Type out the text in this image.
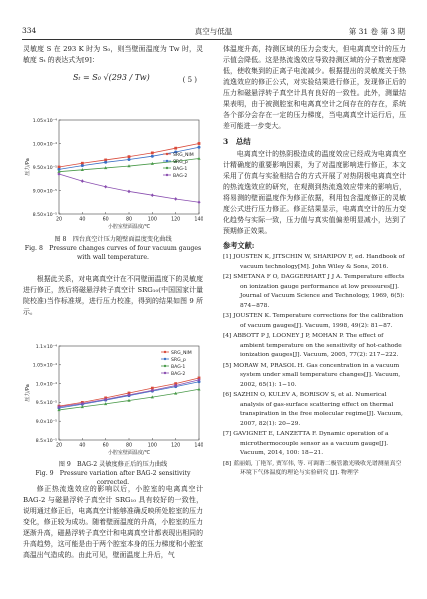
334	真空与低温	第 31 卷 第 3 期

灵敏度 S 在 293 K 时为 S₀，则当壁面温度为 Tw 时，灵敏度 Sₜ 的表达式为[9]：

Sₜ = S₀ √(293 / Tw)	( 5 )
8.50×10⁻⁵
9.00×10⁻⁵
9.50×10⁻⁵
1.00×10⁻⁴
1.05×10⁻⁴
20	40	60	80	100	120	140
小腔室壁面温度/℃
压力/Pa
SRG_NIM
SRG_p
BAG-1
BAG-2
图 8　四台真空计压力随壁面温度变化曲线
Fig. 8　Pressure changes curves of four vacuum gauges with wall temperature.

根据此关系，对电离真空计在不同壁面温度下的灵敏度进行修正，然后将磁悬浮转子真空计 SRG₁₀(中国国家计量院校准)当作标准规，进行压力校准，得到的结果如图 9 所示。

8.5×10⁻⁵
9.0×10⁻⁵
9.5×10⁻⁵
1.0×10⁻⁴
1.05×10⁻⁴
1.1×10⁻⁴
20	40	60	80	100	120	140
小腔室壁面温度/℃
压力/Pa
SRG_NIM
SRG_p
BAG-1
BAG-2
图 9　BAG-2 灵敏度修正后的压力曲线
Fig. 9　Pressure variation after BAG-2 sensitivity corrected.

修正热流逸效应的影响以后，小腔室的电离真空计 BAG-2 与磁悬浮转子真空计 SRG₁₀ 具有较好的一致性，说明通过修正后，电离真空计能够准确反映所处腔室的压力变化，修正较为成功。随着壁面温度的升高，小腔室的压力逐渐升高，磁悬浮转子真空计和电离真空计都表现出相同的升高趋势，这可能是由于两个腔室本身的压力梯度和小腔室高温出气造成的。由此可见，壁面温度上升后，气

体温度升高，持测区域的压力会变大，但电离真空计的压力示值会降低。这是热流逸效应导致持测区域的分子数密度降低，使收集到的正离子电流减少。根据提出的灵敏度关于热流逸效应的修正公式，对实验结果进行修正，发现修正后的压力和磁悬浮转子真空计具有良好的一致性。此外，测量结果表明，由于被测腔室和电离真空计之间存在的存在，系统各个部分会存在一定的压力梯度，当电离真空计运行后，压差可能进一步变大。

3　总结

电离真空计的热阴极造成的温度效应已经成为电离真空计精确度的重要影响因素，为了对温度影响进行修正，本文采用了仿真与实验相结合的方式开展了对热阴极电离真空计的热流逸效应的研究，在观测到热流逸效应带来的影响后，将易测的壁面温度作为修正依据，利用包含温度修正的灵敏度公式进行压力修正。修正结果显示，电离真空计的压力变化趋势与实际一致，压力值与真实值偏差明显减小，达到了预期修正效果。

参考文献:

[1] JOUSTEN K, JITSCHIN W, SHARIPOV F, ed. Handbook of vacuum technology[M]. John Wiley & Sons, 2016.

[2] SMETANA F O, DAGGERHART J J A. Temperature effects on ionization gauge performance at low pressures[J]. Journal of Vacuum Science and Technology, 1969, 6(5): 874−878.

[3] JOUSTEN K. Temperature corrections for the calibration of vacuum gauges[J]. Vacuum, 1998, 49(2): 81−87.

[4] ABBOTT P J, LOONEY J P, MOHAN P. The effect of ambient temperature on the sensitivity of hot-cathode ionization gauges[J]. Vacuum, 2005, 77(2): 217−222.

[5] MORAW M, PRASOL H. Gas concentration in a vacuum system under small temperature changes[J]. Vacuum, 2002, 65(1): 1−10.

[6] SAZHIN O, KULEV A, BORISOV S, et al. Numerical analysis of gas-surface scattering effect on thermal transpiration in the free molecular regime[J]. Vacuum, 2007, 82(1): 20−29.

[7] GAVIGNET E, LANZETTA F. Dynamic operation of a microthermocouple sensor as a vacuum gauge[J]. Vacuum, 2014, 100: 18−21.

[8] 蓝丽娟, 丁艳军, 贾军伟, 等. 可调谐二极管激光吸收光谱测量真空环境下气体温度的理论与实验研究 [J]. 物理学
